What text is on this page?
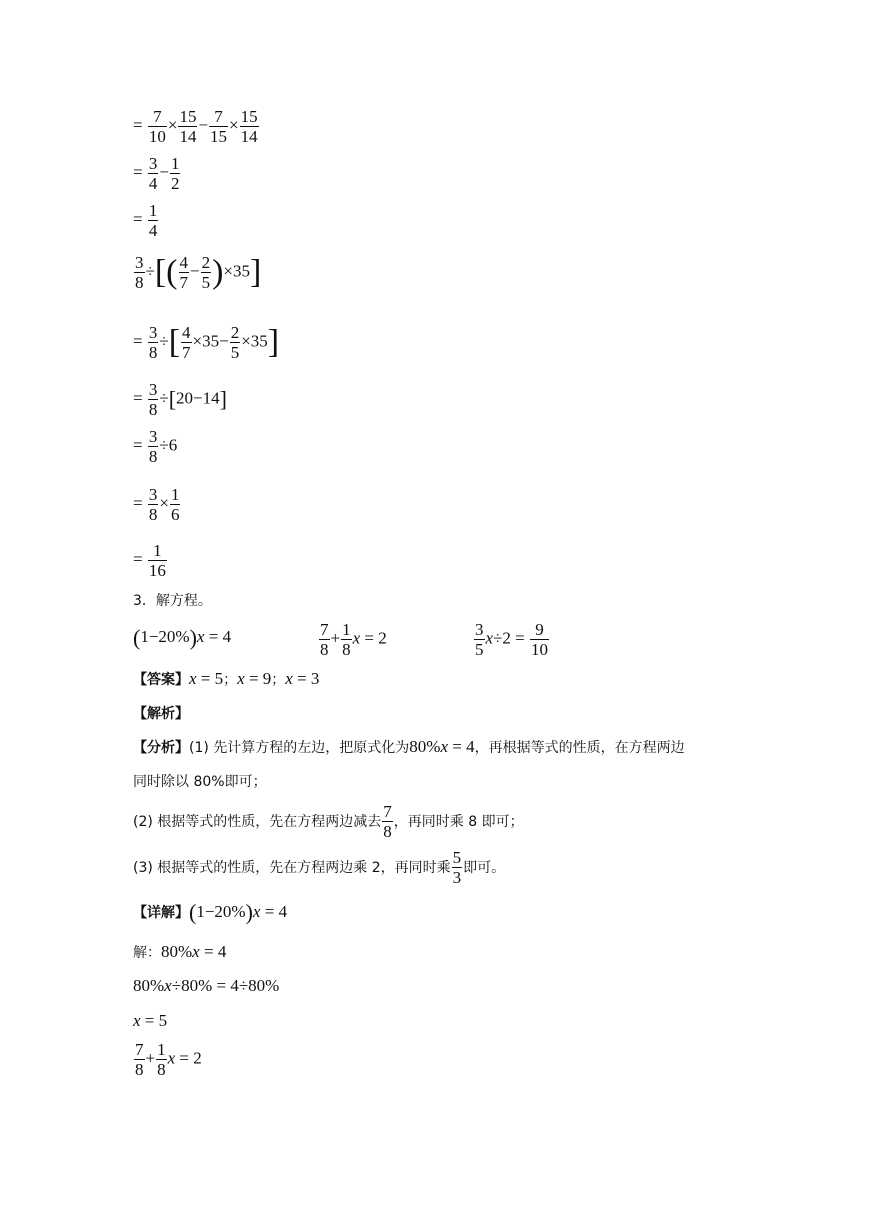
= $\frac{7}{10} \times \frac{15}{14} - \frac{7}{15} \times \frac{15}{14}$
= $\frac{3}{4} - \frac{1}{2}$
= $\frac{1}{4}$
$\frac{3}{8}$ ÷[( $\frac{4}{7} - \frac{2}{5} )\times 35$]
= $\frac{3}{8}$ ÷[ $\frac{4}{7} \times 35- \frac{2}{5} \times 35$]
= $\frac{3}{8} \div[20-14]$
= $\frac{3}{8} \div 6$
= $\frac{3}{8} \times \frac{1}{6}$
= $\frac{1}{16}$
3．解方程。
(1−20%)x = 4	$\frac{7}{8} + \frac{1}{8}$ x = 2	$\frac{3}{5} x\div 2 = \frac{9}{10}$
【答案】x = 5；x = 9；x = 3
【解析】
【分析】(1) 先计算方程的左边，把原式化为80%x = 4，再根据等式的性质，在方程两边
同时除以 80%即可；
(2) 根据等式的性质，先在方程两边减去 $\frac{7}{8}$ ，再同时乘 8 即可；
(3) 根据等式的性质，先在方程两边乘 2，再同时乘 $\frac{5}{3}$ 即可。
【详解】(1−20%)x = 4
解：80%x = 4
80%x÷80% = 4÷80%
x = 5
$\frac{7}{8} + \frac{1}{8}$ x = 2
